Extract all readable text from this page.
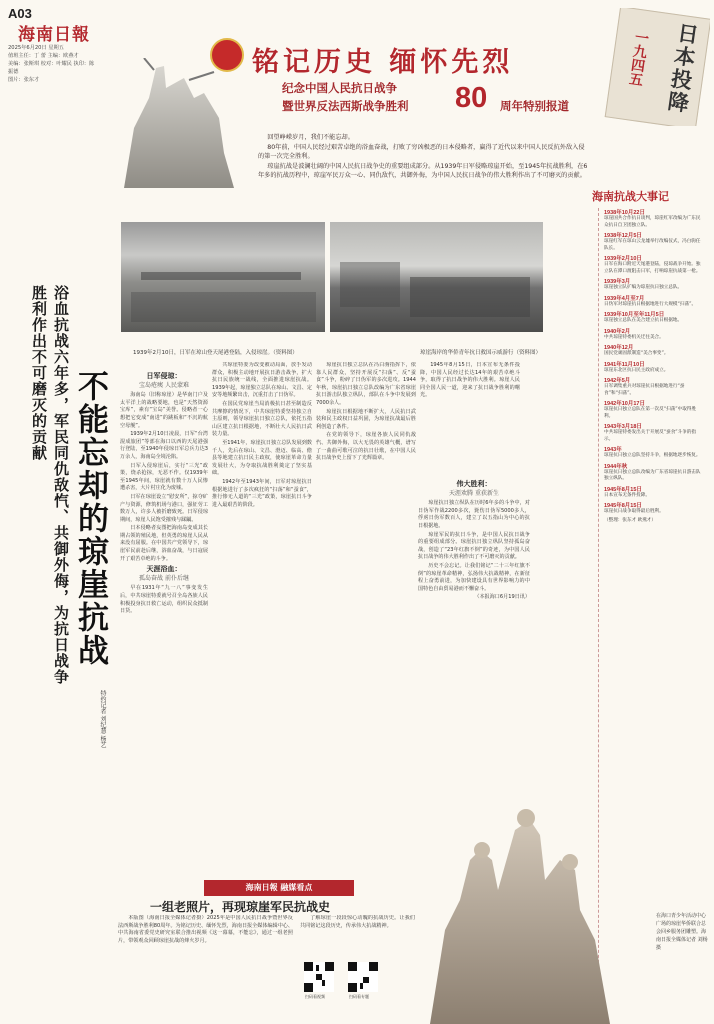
A03
海南日報
2025年6月20日 星期五
值班主任：丁 蕾 主编：欧燕才
美编：张斯琪 校对：叶耀民 执印：陈振德
图片：张东才
铭记历史 缅怀先烈
纪念中国人民抗日战争
暨世界反法西斯战争胜利 80 周年特别报道	日本投降
一九四五

回望峥嵘岁月，我们不能忘却。

80年前，中国人民经过艰苦卓绝的浴血奋战，打败了穷凶极恶的日本侵略者，赢得了近代以来中国人民反抗外敌入侵的第一次完全胜利。

琼崖抗战是波澜壮阔的中国人民抗日战争史的重要组成部分。从1939年日军侵略琼崖开始，至1945年抗战胜利，在6年多的抗战历程中，琼崖军民万众一心、同仇敌忾，共御外侮，为中国人民抗日战争的伟大胜利作出了不可磨灭的贡献。

1939年2月10日，日军在琼山登天尾港登陆，入侵琼崖。（资料图）	琼崖海岸的华侨青年抗日救国示威游行（资料图）
浴血抗战六年多，军民同仇敌忾、共御外侮，为抗日战争胜利作出不可磨灭的贡献 不能忘却的琼崖抗战
特约记者 刘纪慧 杨艺
日军侵琼：
宝岛疮痍 人民蒙难

海南岛（旧称琼崖）是华南门户及太平洋上的战略要地，也是“天然资源宝库”，素有“宝岛”美誉。侵略者一心想把它变成“南进”的跳板和“不沉的航空母舰”。

1939年2月10日凌晨，日军“台湾混成旅团”等部在海口以西的天尾港强行登陆，至1940年侵琼日军总兵力达3万余人，海南岛全境沦陷。

日军入侵琼崖后，实行“三光”政策，烧杀抢掠，无恶不作。仅1939年至1945年间，琼崖就有数十万人民惨遭杀害，大片村庄化为废墟。

日军在琼崖设立“慰安所”，掠夺矿产与资源，修筑机场与港口，强征劳工数万人，许多人被折磨致死。日军侵琼期间，琼崖人民饱受摧残与蹂躏。

日本侵略者妄图把海南岛变成其长期占领的殖民地，但英勇的琼崖人民从来没有屈服。在中国共产党领导下，琼崖军民前赴后继，浴血奋战，与日寇展开了艰苦卓绝的斗争。

天涯浴血：
孤岛奋战 前仆后继

早在1931年“九一八”事变发生后，中共琼崖特委就号召全岛各族人民积极投身抗日救亡运动，组织民众抵制日货。

共琼崖特委为改变被动局面，放手发动群众，积极主动地开展抗日游击战争，扩大抗日民族统一战线，全面推进琼崖抗战。1939年起，琼崖独立总队在琼山、文昌、定安等地频繁出击，沉重打击了日伪军。

在国民党琼崖当局消极抗日甚至制造反共摩擦的情况下，中共琼崖特委坚持独立自主原则，领导琼崖抗日独立总队，依托五指山区建立抗日根据地，不断壮大人民抗日武装力量。

至1941年，琼崖抗日独立总队发展到数千人，先后在琼山、文昌、澄迈、临高、儋县等地建立抗日民主政权，使琼崖革命力量发展壮大，为夺取抗战胜利奠定了坚实基础。

1942年至1943年间，日军对琼崖抗日根据地进行了多次疯狂的“扫荡”和“蚕食”，推行惨无人道的“三光”政策，琼崖抗日斗争进入最艰苦的阶段。

琼崖抗日独立总队在冯白驹指挥下，依靠人民群众，坚持开展反“扫荡”、反“蚕食”斗争，粉碎了日伪军的多次进攻。1944年秋，琼崖抗日独立总队改编为广东省琼崖抗日游击队独立纵队，部队在斗争中发展到7000余人。

琼崖抗日根据地不断扩大，人民抗日武装和民主政权日益巩固，为琼崖抗战最后胜利创造了条件。

在党的领导下，琼崖各族人民同仇敌忾、共御外侮，以大无畏的英雄气概，谱写了一曲曲可歌可泣的抗日壮歌，在中国人民抗日战争史上留下了光辉篇章。

1945年8月15日，日本宣布无条件投降，中国人民经过长达14年的艰苦卓绝斗争，取得了抗日战争的伟大胜利。琼崖人民同全国人民一道，迎来了抗日战争胜利的曙光。

伟大胜利：
天涯欢腾 重获新生

琼崖抗日独立纵队在历时6年多的斗争中，对日伪军作战2200多次，毙伤日伪军5000多人，俘虏日伪军数百人，建立了以五指山为中心的抗日根据地。

琼崖军民的抗日斗争，是中国人民抗日战争的重要组成部分。琼崖抗日独立纵队坚持孤岛奋战，创造了“23年红旗不倒”的奇迹，为中国人民抗日战争的伟大胜利作出了不可磨灭的贡献。

历史不会忘记。让我们铭记“二十三年红旗不倒”的琼崖革命精神，弘扬伟大抗战精神，在新征程上奋勇前进，为加快建设具有世界影响力的中国特色自由贸易港而不懈奋斗。

（本报海口6月19日讯）

海南抗战大事记
1938年10月22日
琼崖国共合作抗日谈判，琼崖红军改编为广东民众抗日自卫团独立队。
1938年12月5日
琼崖红军在琼山云龙墟举行改编仪式，冯白驹任队长。
1939年2月10日
日军在海口附近天尾港登陆，侵琼战争开始。独立队在潭口渡阻击日军，打响琼崖抗战第一枪。
1939年3月
琼崖独立队扩编为琼崖抗日独立总队。
1939年4月至7月
日伪军对琼崖抗日根据地进行大规模“扫荡”。
1939年10月至年11月5日
琼崖独立总队在美合建立抗日根据地。
1940年2月
中共琼崖特委机关迁往美合。
1940年12月
国民党顽固派制造“美合事变”。
1941年11月10日
琼崖东北区抗日民主政府成立。
1942年5月
日军调集重兵对琼崖抗日根据地进行“蚕食”和“扫荡”。
1942年10月17日
琼崖抗日独立总队在第一次反“扫荡”中取得胜利。
1943年3月18日
中共琼崖特委发出关于开展反“蚕食”斗争的指示。
1943年
琼崖抗日独立总队坚持斗争，根据地逐步恢复。
1944年秋
琼崖抗日独立总队改编为广东省琼崖抗日游击队独立纵队。
1945年8月15日
日本宣布无条件投降。
1945年8月15日
琼崖抗日战争取得最后胜利。
（整理：张东才 欧燕才）
海南日報 融媒看点
一组老照片，再现琼崖军民抗战史

本版图（海南日报全媒体记者摄）2025年是中国人民抗日战争暨世界反法西斯战争胜利80周年。为铭记历史、缅怀先烈，海南日报全媒体编辑中心、中共海南省委党史研究室联合推出视频《这一幕幕，不能忘》，通过一组老照片，带领观众回顾琼崖抗战的烽火岁月。

了解琼崖一段段惊心动魄的抗战历史。让我们共同铭记这段历史，传承伟大抗战精神。

扫码看视频	扫码看专题
在海口青少年活动中心广场的琼崖华侨联合总会回乡服务团雕塑。海南日报全媒体记者 刘杨 摄
